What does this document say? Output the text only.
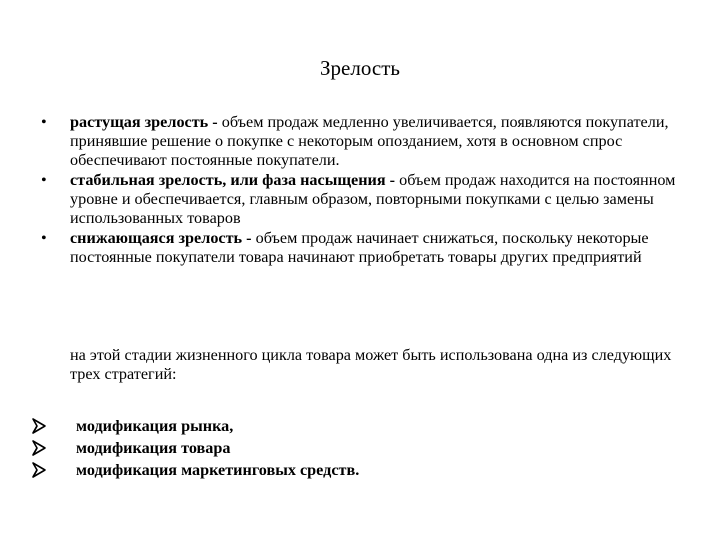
Зрелость
• растущая зрелость - объем продаж медленно увеличивается, появляются покупатели, принявшие решение о покупке с некоторым опозданием, хотя в основном спрос обеспечивают постоянные покупатели.
• стабильная зрелость, или фаза насыщения - объем продаж находится на постоянном уровне и обеспечивается, главным образом, повторными покупками с целью замены использованных товаров
• снижающаяся зрелость - объем продаж начинает снижаться, поскольку некоторые постоянные покупатели товара начинают приобретать товары других предприятий

на этой стадии жизненного цикла товара может быть использована одна из следующих трех стратегий:

модификация рынка,
модификация товара
модификация маркетинговых средств.
